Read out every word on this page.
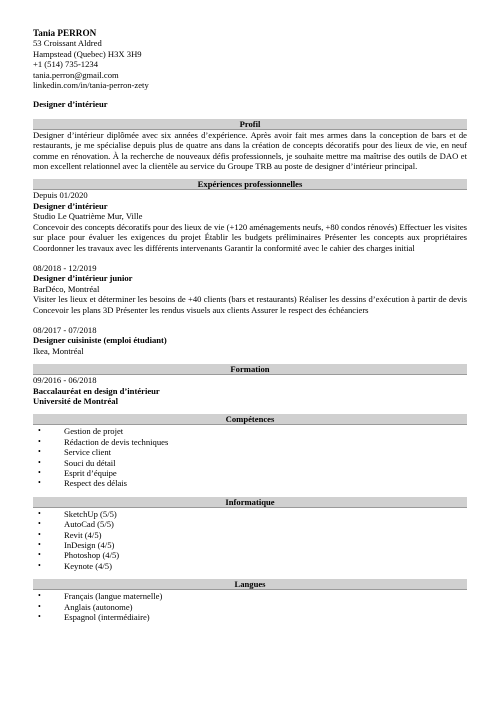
Tania PERRON
53 Croissant Aldred
Hampstead (Quebec) H3X 3H9
+1 (514) 735-1234
tania.perron@gmail.com
linkedin.com/in/tania-perron-zety
Designer d’intérieur
Profil
Designer d’intérieur diplômée avec six années d’expérience. Après avoir fait mes armes dans la conception de bars et de restaurants, je me spécialise depuis plus de quatre ans dans la création de concepts décoratifs pour des lieux de vie, en neuf comme en rénovation. À la recherche de nouveaux défis professionnels, je souhaite mettre ma maîtrise des outils de DAO et mon excellent relationnel avec la clientèle au service du Groupe TRB au poste de designer d’intérieur principal.
Expériences professionnelles
Depuis 01/2020
Designer d’intérieur
Studio Le Quatrième Mur, Ville
Concevoir des concepts décoratifs pour des lieux de vie (+120 aménagements neufs, +80 condos rénovés) Effectuer les visites sur place pour évaluer les exigences du projet Établir les budgets préliminaires Présenter les concepts aux propriétaires Coordonner les travaux avec les différents intervenants Garantir la conformité avec le cahier des charges initial
08/2018 - 12/2019
Designer d’intérieur junior
BarDéco, Montréal
Visiter les lieux et déterminer les besoins de +40 clients (bars et restaurants) Réaliser les dessins d’exécution à partir de devis Concevoir les plans 3D Présenter les rendus visuels aux clients Assurer le respect des échéanciers
08/2017 - 07/2018
Designer cuisiniste (emploi étudiant)
Ikea, Montréal
Formation
09/2016 - 06/2018
Baccalauréat en design d’intérieur
Université de Montréal
Compétences
• Gestion de projet
• Rédaction de devis techniques
• Service client
• Souci du détail
• Esprit d’équipe
• Respect des délais
Informatique
• SketchUp (5/5)
• AutoCad (5/5)
• Revit (4/5)
• InDesign (4/5)
• Photoshop (4/5)
• Keynote (4/5)
Langues
• Français (langue maternelle)
• Anglais (autonome)
• Espagnol (intermédiaire)
